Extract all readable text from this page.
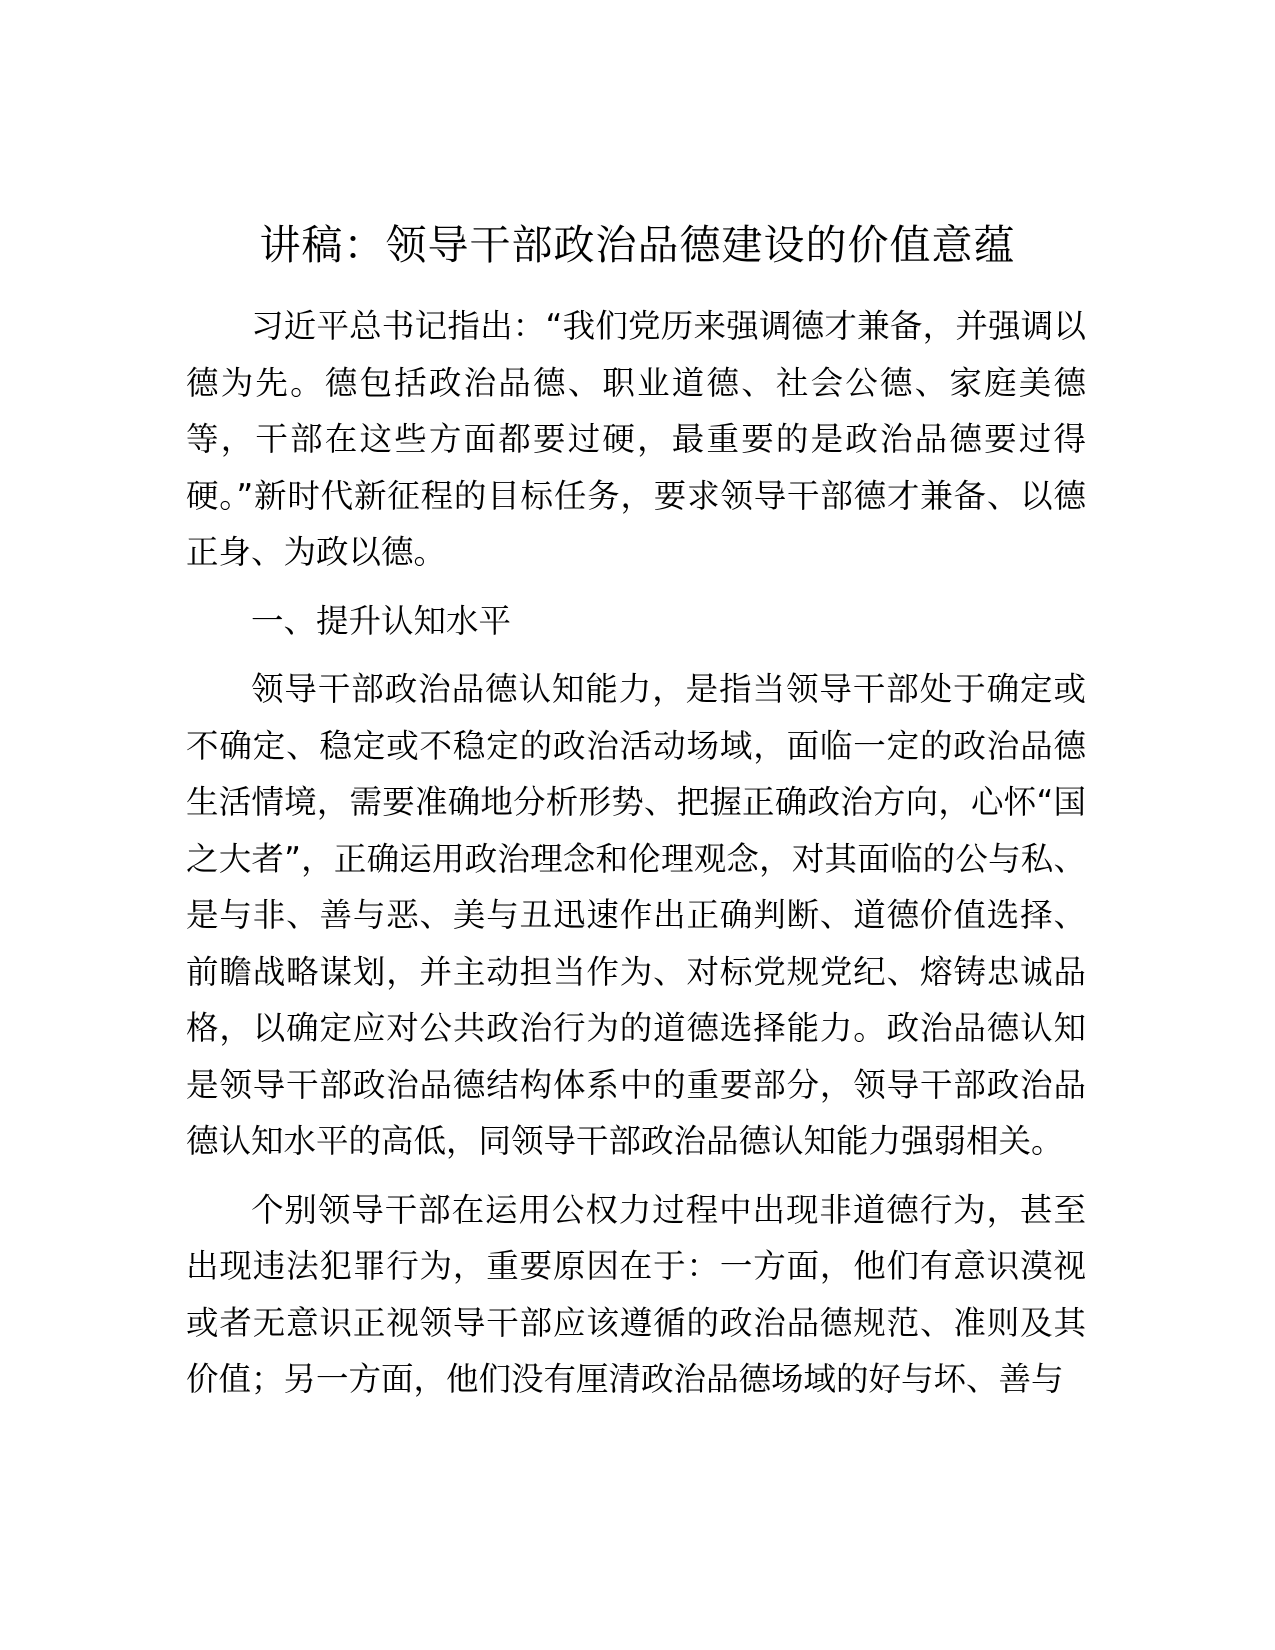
讲稿：领导干部政治品德建设的价值意蕴

习近平总书记指出：“我们党历来强调德才兼备，并强调以德为先。德包括政治品德、职业道德、社会公德、家庭美德等，干部在这些方面都要过硬，最重要的是政治品德要过得硬。”新时代新征程的目标任务，要求领导干部德才兼备、以德正身、为政以德。

一、提升认知水平

领导干部政治品德认知能力，是指当领导干部处于确定或不确定、稳定或不稳定的政治活动场域，面临一定的政治品德生活情境，需要准确地分析形势、把握正确政治方向，心怀“国之大者”，正确运用政治理念和伦理观念，对其面临的公与私、是与非、善与恶、美与丑迅速作出正确判断、道德价值选择、前瞻战略谋划，并主动担当作为、对标党规党纪、熔铸忠诚品格，以确定应对公共政治行为的道德选择能力。政治品德认知是领导干部政治品德结构体系中的重要部分，领导干部政治品德认知水平的高低，同领导干部政治品德认知能力强弱相关。

个别领导干部在运用公权力过程中出现非道德行为，甚至出现违法犯罪行为，重要原因在于：一方面，他们有意识漠视或者无意识正视领导干部应该遵循的政治品德规范、准则及其价值；另一方面，他们没有厘清政治品德场域的好与坏、善与
